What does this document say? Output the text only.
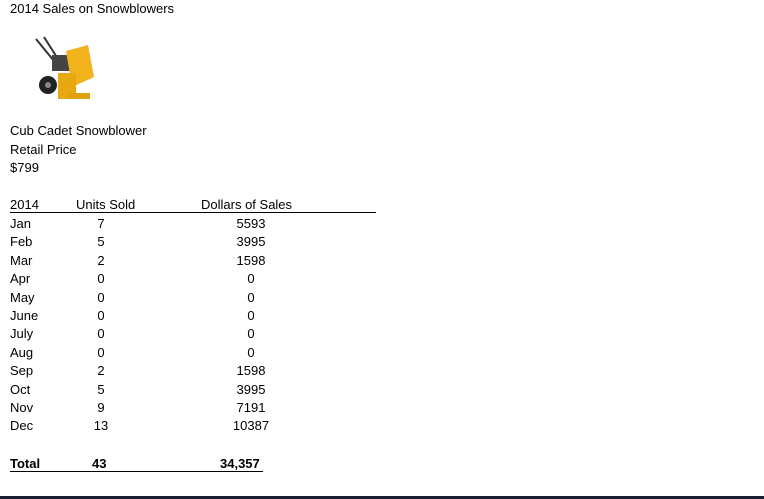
2014 Sales on Snowblowers
Cub Cadet Snowblower
Retail Price
$799
2014	Units Sold	Dollars of Sales
Jan	7	5593
Feb	5	3995
Mar	2	1598
Apr	0	0
May	0	0
June	0	0
July	0	0
Aug	0	0
Sep	2	1598
Oct	5	3995
Nov	9	7191
Dec	13	10387
Total	43	34,357
